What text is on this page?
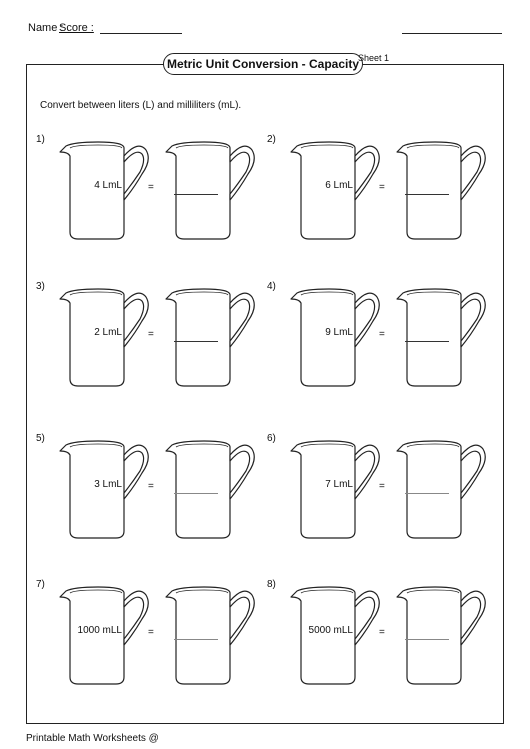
Name :
Score :
Metric Unit Conversion - Capacity
Sheet 1
Convert between liters (L) and milliliters (mL).
1)
4 LmL	=
2)
6 LmL	=
3)
2 LmL	=
4)
9 LmL	=
5)
3 LmL	=
6)
7 LmL	=
7)
1000 mLL	=
8)
5000 mLL	=
Printable Math Worksheets @
